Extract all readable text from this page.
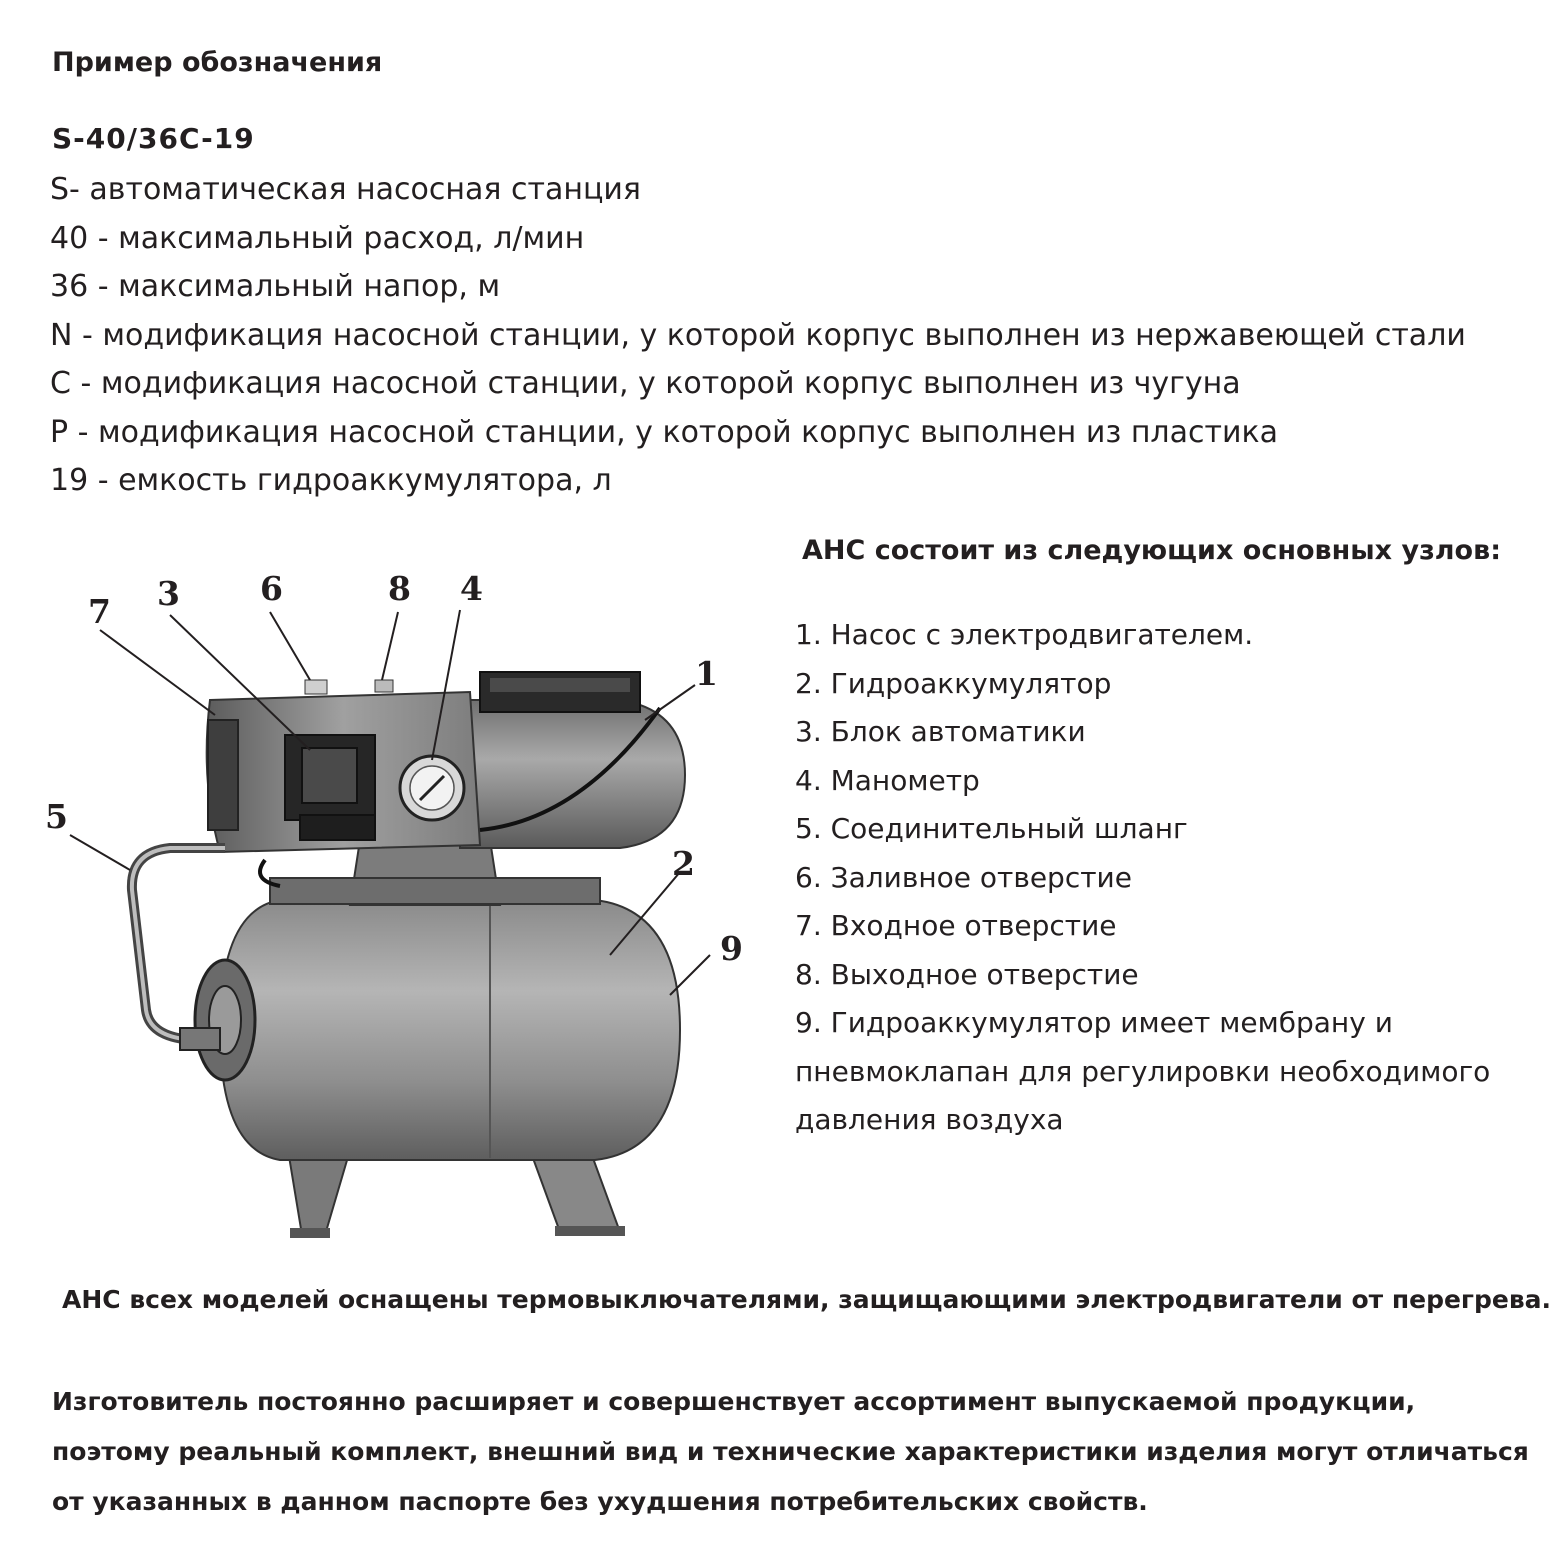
Пример обозначения
S-40/36C-19
S- автоматическая насосная станция
40 - максимальный расход, л/мин
36 - максимальный напор, м
N - модификация насосной станции, у которой корпус выполнен из нержавеющей стали
C - модификация насосной станции, у которой корпус выполнен из чугуна
P - модификация насосной станции, у которой корпус выполнен из пластика
19 - емкость гидроаккумулятора, л
1
2
3	4
5
6
7
8
9
АНС состоит из следующих основных узлов:
1. Насос с электродвигателем.
2. Гидроаккумулятор
3. Блок автоматики
4. Манометр
5. Соединительный шланг
6. Заливное отверстие
7. Входное отверстие
8. Выходное отверстие
9. Гидроаккумулятор имеет мембрану и
пневмоклапан для регулировки необходимого
давления воздуха
АНС всех моделей оснащены термовыключателями, защищающими электродвигатели от перегрева.
Изготовитель постоянно расширяет и совершенствует ассортимент выпускаемой продукции,
поэтому реальный комплект, внешний вид и технические характеристики изделия могут отличаться
от указанных в данном паспорте без ухудшения потребительских свойств.
